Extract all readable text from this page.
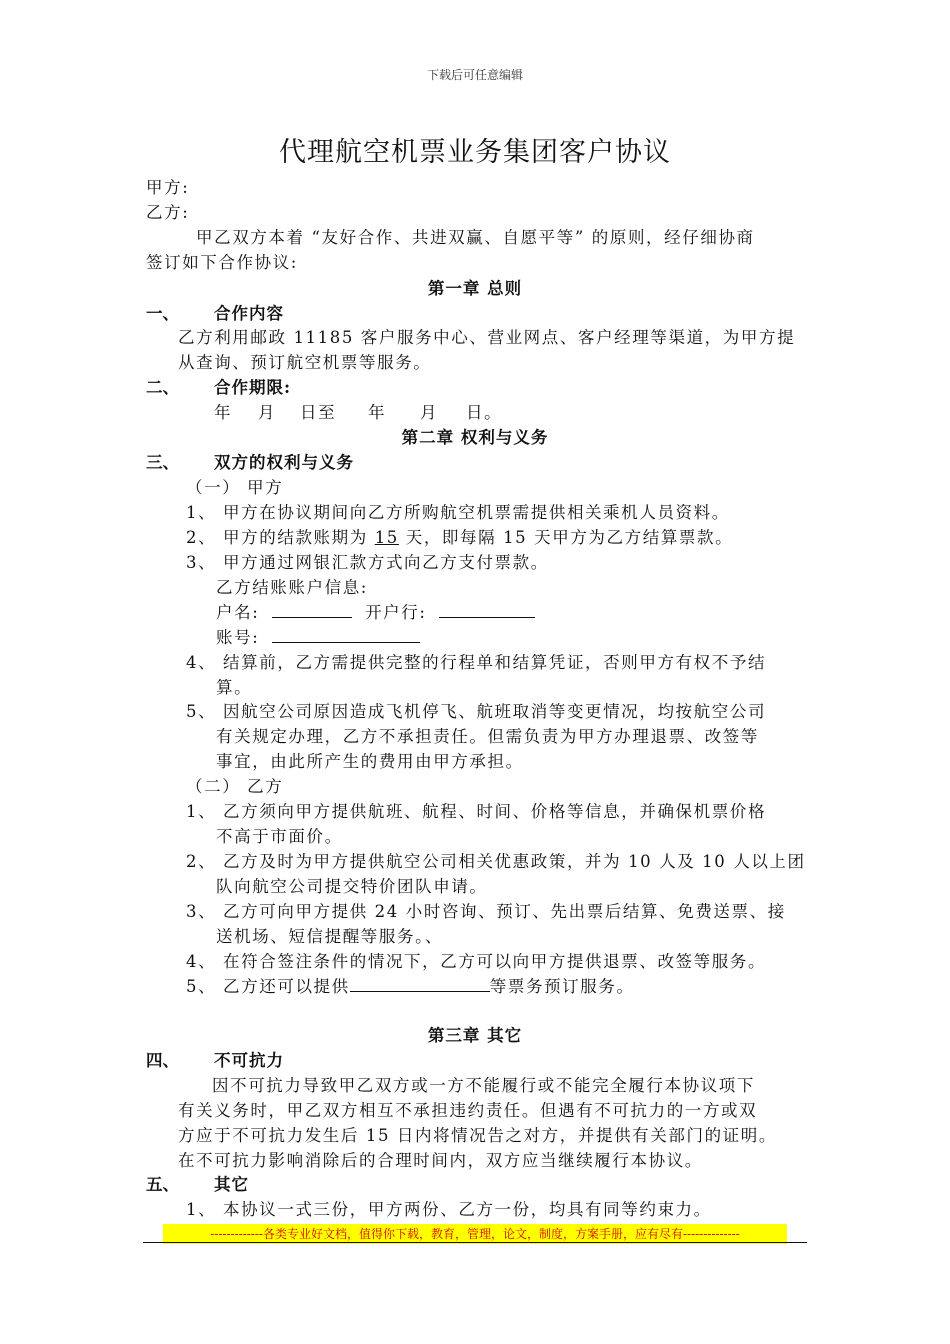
下载后可任意编辑
代理航空机票业务集团客户协议
甲方:
乙方:
甲乙双方本着 “友好合作、共进双赢、自愿平等” 的原则，经仔细协商
签订如下合作协议:
第一章 总则
一、 合作内容
乙方利用邮政 11185 客户服务中心、营业网点、客户经理等渠道，为甲方提
从查询、预订航空机票等服务。
二、 合作期限:
年 月 日至 年 月 日。
第二章 权利与义务
三、 双方的权利与义务
（一） 甲方
1、 甲方在协议期间向乙方所购航空机票需提供相关乘机人员资料。
2、 甲方的结款账期为 15 天，即每隔 15 天甲方为乙方结算票款。
3、 甲方通过网银汇款方式向乙方支付票款。
乙方结账账户信息:
户名:	开户行:
账号:
4、 结算前，乙方需提供完整的行程单和结算凭证，否则甲方有权不予结
算。
5、 因航空公司原因造成飞机停飞、航班取消等变更情况，均按航空公司
有关规定办理，乙方不承担责任。但需负责为甲方办理退票、改签等
事宜，由此所产生的费用由甲方承担。
（二） 乙方
1、 乙方须向甲方提供航班、航程、时间、价格等信息，并确保机票价格
不高于市面价。
2、 乙方及时为甲方提供航空公司相关优惠政策，并为 10 人及 10 人以上团
队向航空公司提交特价团队申请。
3、 乙方可向甲方提供 24 小时咨询、预订、先出票后结算、免费送票、接
送机场、短信提醒等服务。、
4、 在符合签注条件的情况下，乙方可以向甲方提供退票、改签等服务。
5、 乙方还可以提供	等票务预订服务。
第三章 其它
四、 不可抗力
因不可抗力导致甲乙双方或一方不能履行或不能完全履行本协议项下
有关义务时，甲乙双方相互不承担违约责任。但遇有不可抗力的一方或双
方应于不可抗力发生后 15 日内将情况告之对方，并提供有关部门的证明。
在不可抗力影响消除后的合理时间内，双方应当继续履行本协议。
五、 其它
1、 本协议一式三份，甲方两份、乙方一份，均具有同等约束力。
-------------各类专业好文档，值得你下载，教育，管理，论文，制度，方案手册，应有尽有--------------
